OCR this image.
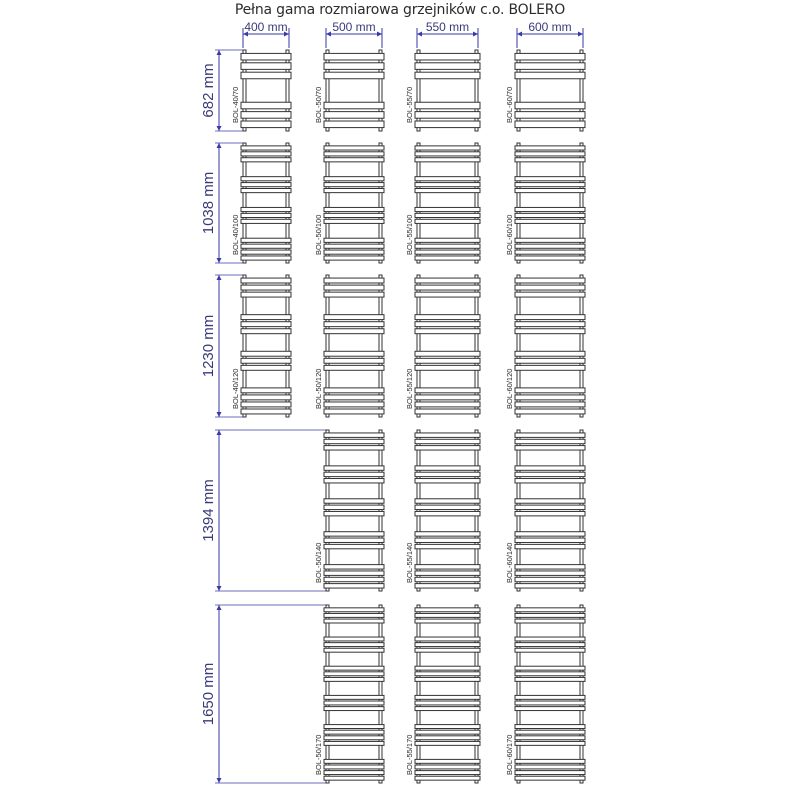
Pełna gama rozmiarowa grzejników c.o. BOLERO
400 mm	500 mm	550 mm	600 mm
682 mm
1038 mm
1230 mm
1394 mm
1650 mm
BOL-40/70	BOL-50/70	BOL-55/70	BOL-60/70
BOL-40/100	BOL-50/100	BOL-55/100	BOL-60/100
BOL-40/120	BOL-50/120	BOL-55/120	BOL-60/120
BOL-50/140	BOL-55/140	BOL-60/140
BOL-50/170	BOL-55/170	BOL-60/170
